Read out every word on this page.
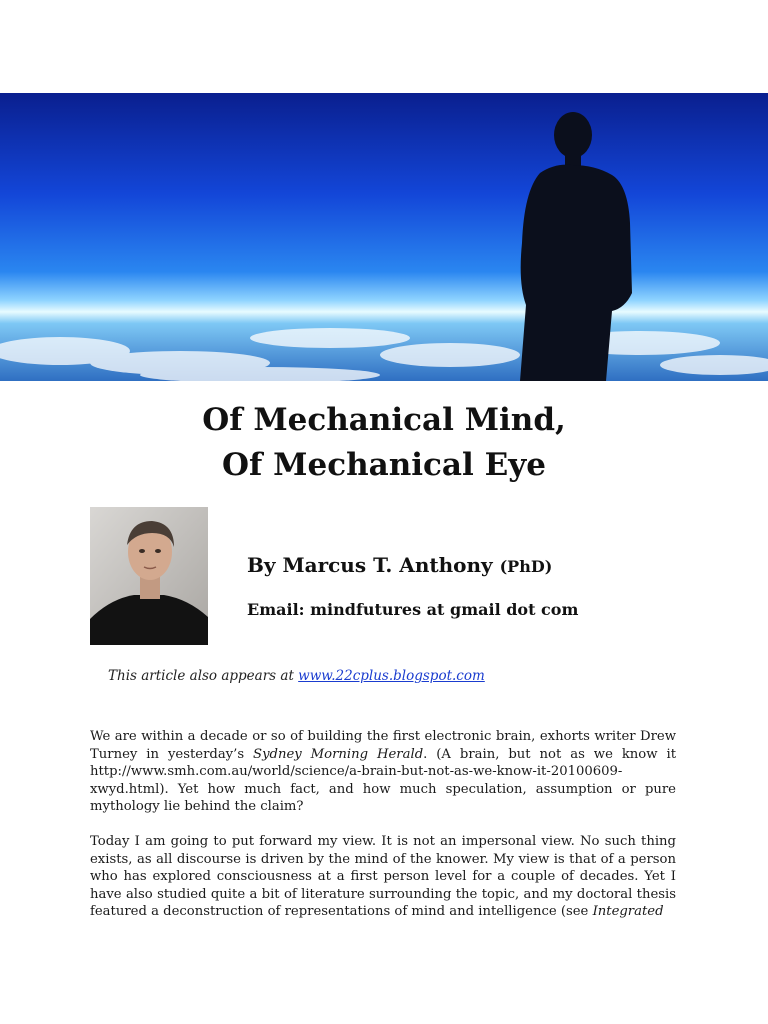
Of Mechanical Mind,
Of Mechanical Eye
By Marcus T. Anthony (PhD)
Email: mindfutures at gmail dot com
This article also appears at www.22cplus.blogspot.com

We are within a decade or so of building the first electronic brain, exhorts writer Drew Turney in yesterday’s Sydney Morning Herald. (A brain, but not as we know it http://www.smh.com.au/world/science/a-brain-but-not-as-we-know-it-20100609-xwyd.html). Yet how much fact, and how much speculation, assumption or pure mythology lie behind the claim?

Today I am going to put forward my view. It is not an impersonal view. No such thing exists, as all discourse is driven by the mind of the knower. My view is that of a person who has explored consciousness at a first person level for a couple of decades. Yet I have also studied quite a bit of literature surrounding the topic, and my doctoral thesis featured a deconstruction of representations of mind and intelligence (see Integrated
